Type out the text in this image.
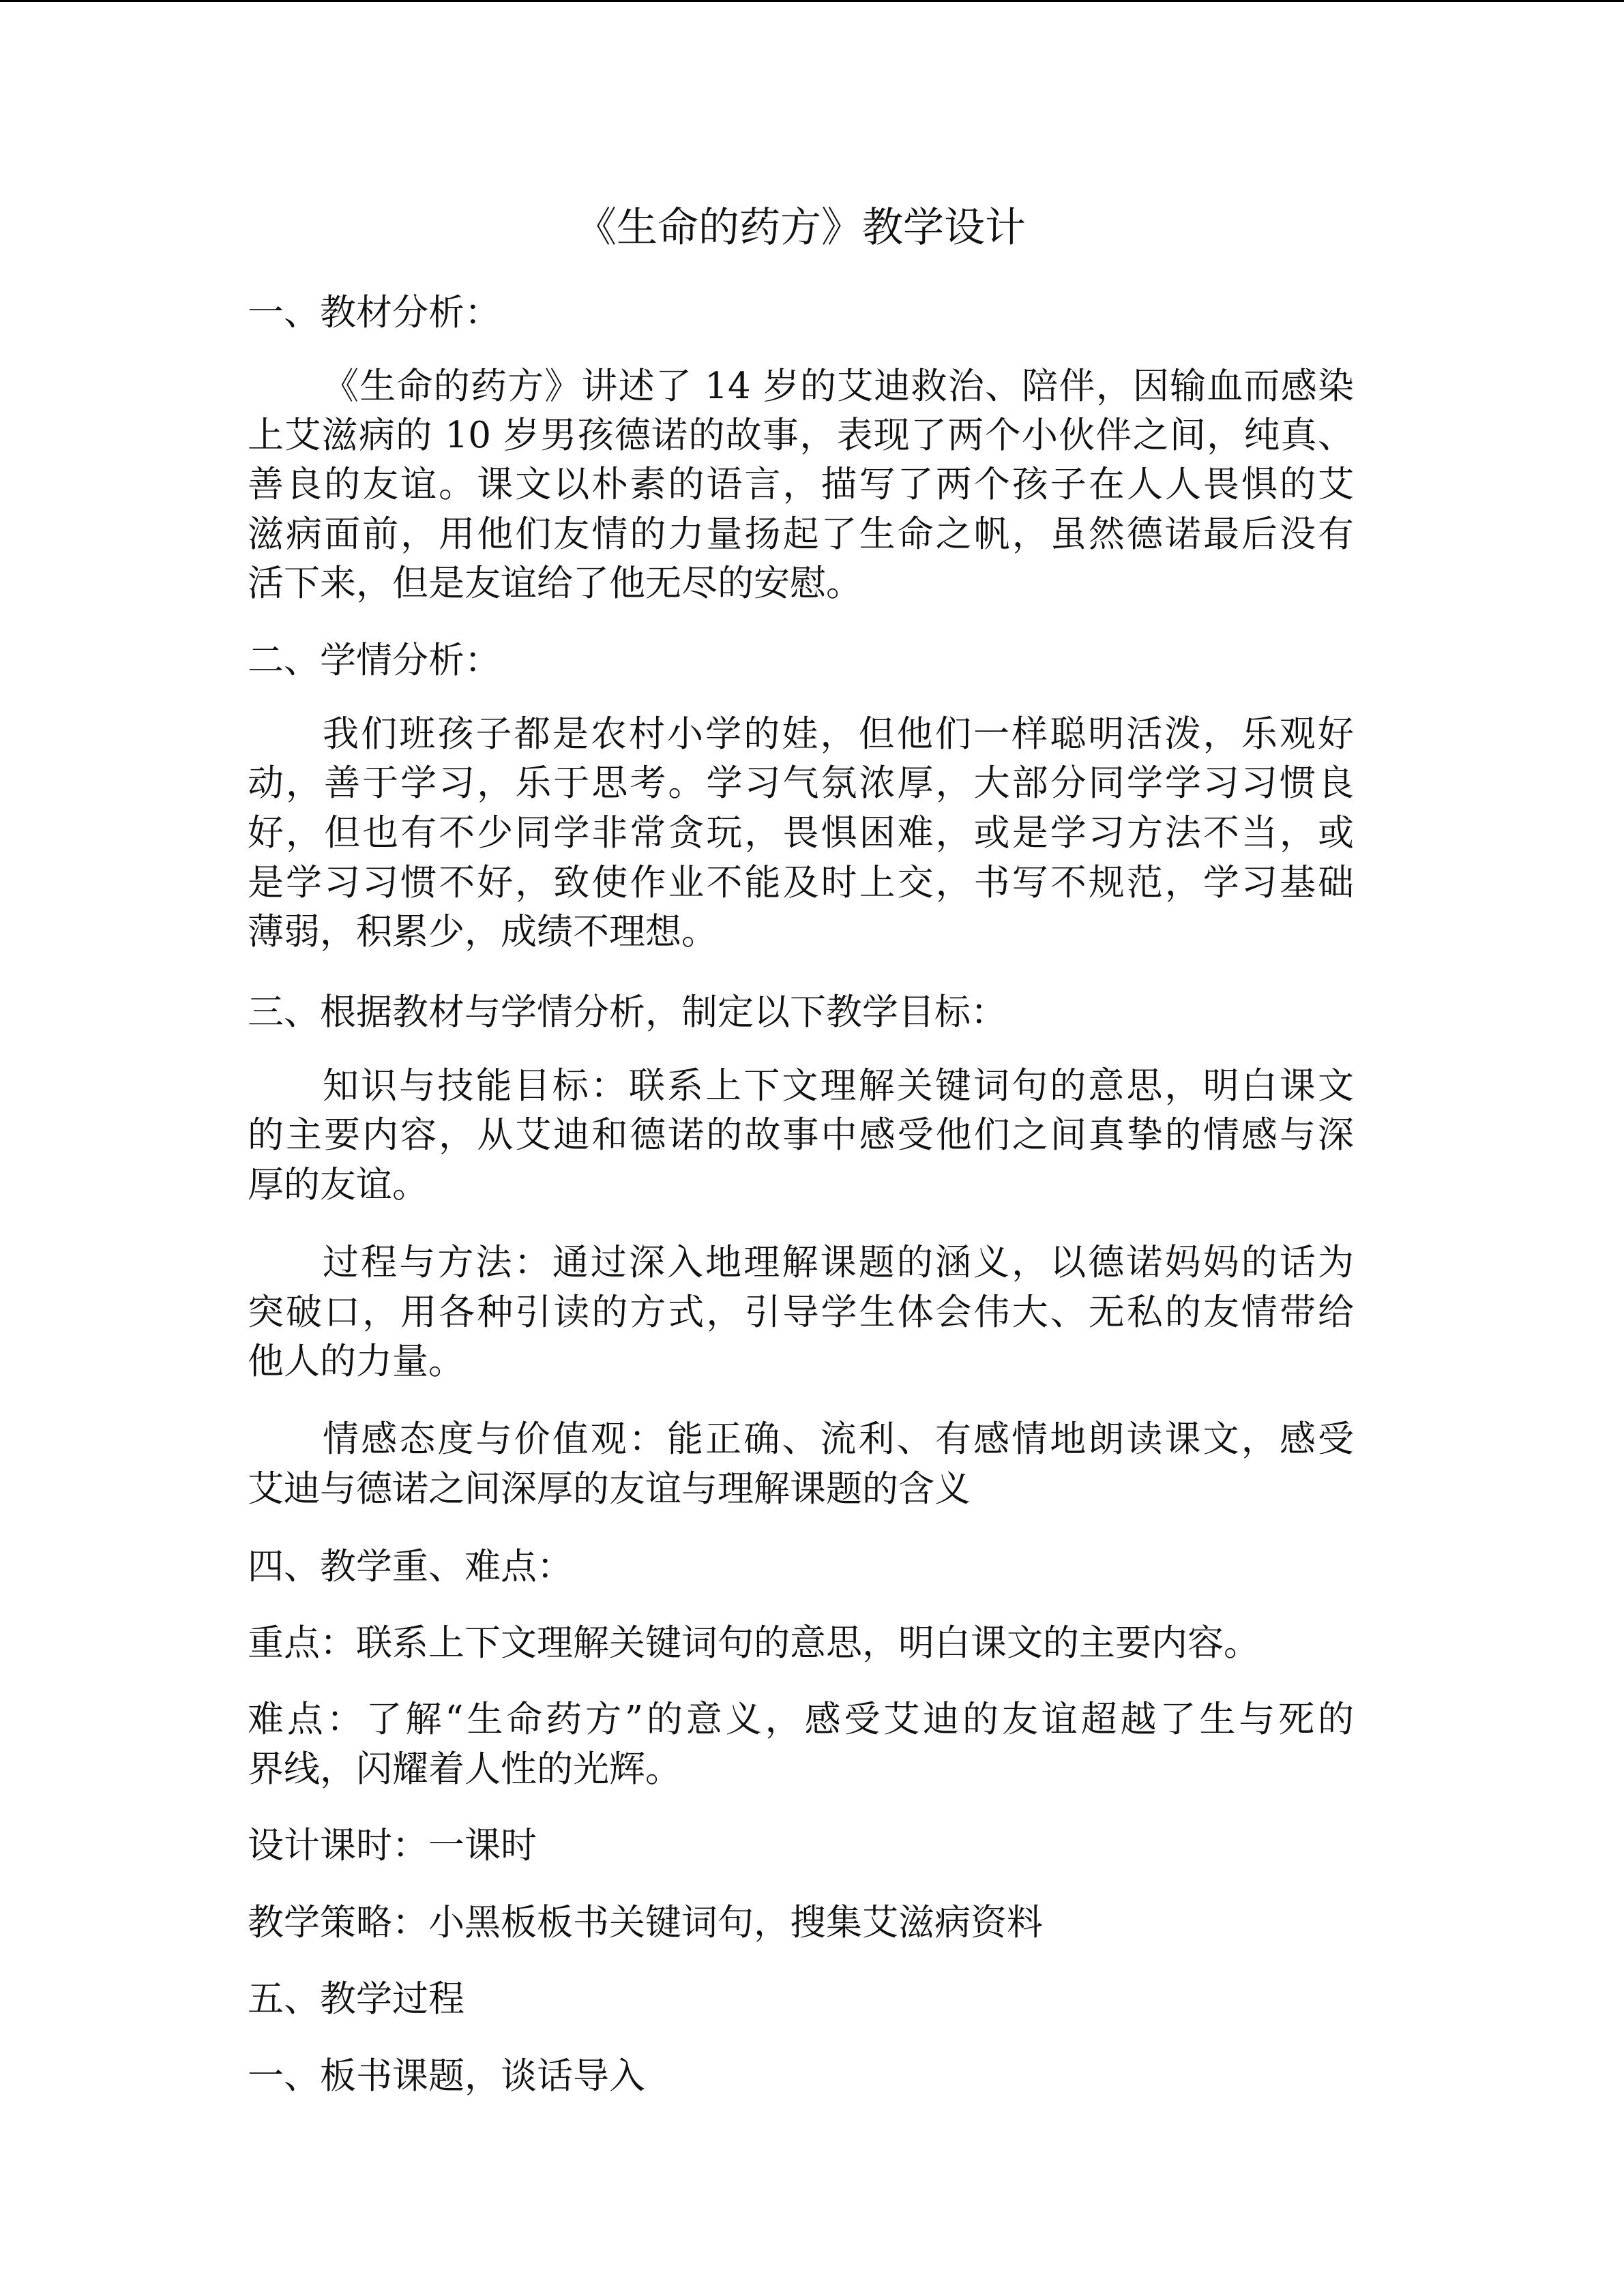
《生命的药方》教学设计
一、教材分析：
《生命的药方》讲述了 14 岁的艾迪救治、陪伴，因输血而感染
上艾滋病的 10 岁男孩德诺的故事，表现了两个小伙伴之间，纯真、
善良的友谊。课文以朴素的语言，描写了两个孩子在人人畏惧的艾
滋病面前，用他们友情的力量扬起了生命之帆，虽然德诺最后没有
活下来，但是友谊给了他无尽的安慰。
二、学情分析：
我们班孩子都是农村小学的娃，但他们一样聪明活泼，乐观好
动，善于学习，乐于思考。学习气氛浓厚，大部分同学学习习惯良
好，但也有不少同学非常贪玩，畏惧困难，或是学习方法不当，或
是学习习惯不好，致使作业不能及时上交，书写不规范，学习基础
薄弱，积累少，成绩不理想。
三、根据教材与学情分析，制定以下教学目标：
知识与技能目标：联系上下文理解关键词句的意思，明白课文
的主要内容，从艾迪和德诺的故事中感受他们之间真挚的情感与深
厚的友谊。
过程与方法：通过深入地理解课题的涵义，以德诺妈妈的话为
突破口，用各种引读的方式，引导学生体会伟大、无私的友情带给
他人的力量。
情感态度与价值观：能正确、流利、有感情地朗读课文，感受
艾迪与德诺之间深厚的友谊与理解课题的含义
四、教学重、难点：
重点：联系上下文理解关键词句的意思，明白课文的主要内容。
难点：了解“生命药方”的意义，感受艾迪的友谊超越了生与死的
界线，闪耀着人性的光辉。
设计课时：一课时
教学策略：小黑板板书关键词句，搜集艾滋病资料
五、教学过程
一、板书课题，谈话导入
